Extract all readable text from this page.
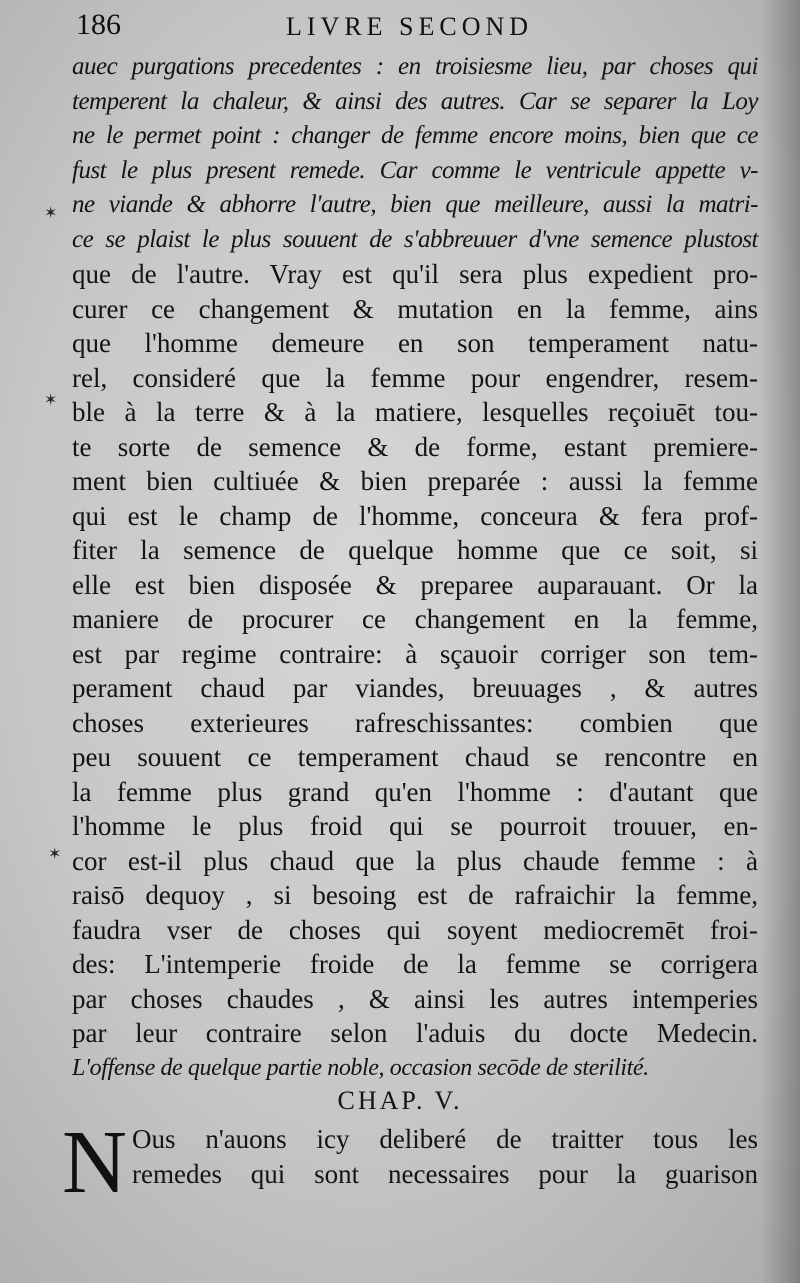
186	LIVRE SECOND
✶
✶
✶
auec purgations precedentes : en troisiesme lieu, par choses qui
temperent la chaleur, & ainsi des autres. Car se separer la Loy
ne le permet point : changer de femme encore moins, bien que ce
fust le plus present remede. Car comme le ventricule appette v-
ne viande & abhorre l'autre, bien que meilleure, aussi la matri-
ce se plaist le plus souuent de s'abbreuuer d'vne semence plustost
que de l'autre. Vray est qu'il sera plus expedient pro-
curer ce changement & mutation en la femme, ains
que l'homme demeure en son temperament natu-
rel, consideré que la femme pour engendrer, resem-
ble à la terre & à la matiere, lesquelles reçoiuēt tou-
te sorte de semence & de forme, estant premiere-
ment bien cultiuée & bien preparée : aussi la femme
qui est le champ de l'homme, conceura & fera prof-
fiter la semence de quelque homme que ce soit, si
elle est bien disposée & preparee auparauant. Or la
maniere de procurer ce changement en la femme,
est par regime contraire: à sçauoir corriger son tem-
perament chaud par viandes, breuuages , & autres
choses exterieures rafreschissantes: combien que
peu souuent ce temperament chaud se rencontre en
la femme plus grand qu'en l'homme : d'autant que
l'homme le plus froid qui se pourroit trouuer, en-
cor est-il plus chaud que la plus chaude femme : à
raisō dequoy , si besoing est de rafraichir la femme,
faudra vser de choses qui soyent mediocremēt froi-
des: L'intemperie froide de la femme se corrigera
par choses chaudes , & ainsi les autres intemperies
par leur contraire selon l'aduis du docte Medecin.
L'offense de quelque partie noble, occasion secōde de sterilité.
CHAP. V.
N Ous n'auons icy deliberé de traitter tous les
remedes qui sont necessaires pour la guarison
